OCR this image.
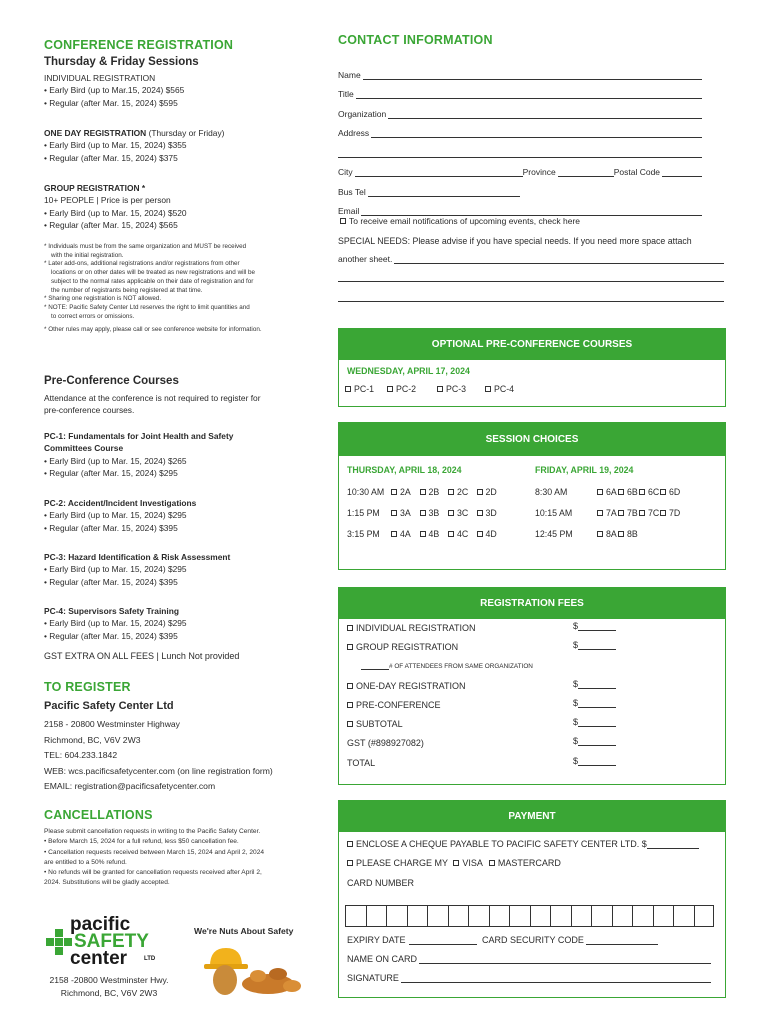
CONFERENCE REGISTRATION
Thursday & Friday Sessions
INDIVIDUAL REGISTRATION
• Early Bird (up to Mar.15, 2024) $565
• Regular (after Mar. 15, 2024) $595
ONE DAY REGISTRATION (Thursday or Friday)
• Early Bird (up to Mar. 15, 2024) $355
• Regular (after Mar. 15, 2024) $375
GROUP REGISTRATION *
10+ PEOPLE | Price is per person
• Early Bird (up to Mar. 15, 2024) $520
• Regular (after Mar. 15, 2024) $565
* Individuals must be from the same organization and MUST be received
with the initial registration.
* Later add-ons, additional registrations and/or registrations from other
locations or on other dates will be treated as new registrations and will be
subject to the normal rates applicable on their date of registration and for
the number of registrants being registered at that time.
* Sharing one registration is NOT allowed.
* NOTE: Pacific Safety Center Ltd reserves the right to limit quantities and
to correct errors or omissions.
* Other rules may apply, please call or see conference website for information.
Pre-Conference Courses
Attendance at the conference is not required to register for
pre-conference courses.
PC-1: Fundamentals for Joint Health and Safety
Committees Course
• Early Bird (up to Mar. 15, 2024) $265
• Regular (after Mar. 15, 2024) $295
PC-2: Accident/Incident Investigations
• Early Bird (up to Mar. 15, 2024) $295
• Regular (after Mar. 15, 2024) $395
PC-3: Hazard Identification & Risk Assessment
• Early Bird (up to Mar. 15, 2024) $295
• Regular (after Mar. 15, 2024) $395
PC-4: Supervisors Safety Training
• Early Bird (up to Mar. 15, 2024) $295
• Regular (after Mar. 15, 2024) $395
GST EXTRA ON ALL FEES | Lunch Not provided
TO REGISTER
Pacific Safety Center Ltd
2158 - 20800 Westminster Highway
Richmond, BC, V6V 2W3
TEL: 604.233.1842
WEB: wcs.pacificsafetycenter.com (on line registration form)
EMAIL: registration@pacificsafetycenter.com
CANCELLATIONS
Please submit cancellation requests in writing to the Pacific Safety Center.
• Before March 15, 2024 for a full refund, less $50 cancellation fee.
• Cancellation requests received between March 15, 2024 and April 2, 2024
are entitled to a 50% refund.
• No refunds will be granted for cancellation requests received after April 2,
2024. Substitutions will be gladly accepted.
pacific
SAFETY
center	LTD
We're Nuts About Safety
2158 -20800 Westminster Hwy.
Richmond, BC, V6V 2W3
CONTACT INFORMATION
Name
Title
Organization
Address
City	Province	Postal Code
Bus Tel
Email
To receive email notifications of upcoming events, check here
SPECIAL NEEDS: Please advise if you have special needs. If you need more space attach
another sheet.
OPTIONAL PRE-CONFERENCE COURSES
WEDNESDAY, APRIL 17, 2024
PC-1	PC-2	PC-3	PC-4
SESSION CHOICES
THURSDAY, APRIL 18, 2024	FRIDAY, APRIL 19, 2024
10:30 AM	2A	2B	2C	2D
1:15 PM	3A	3B	3C	3D
3:15 PM	4A	4B	4C	4D
8:30 AM	6A	6B	6C	6D
10:15 AM	7A	7B	7C	7D
12:45 PM	8A	8B
REGISTRATION FEES
INDIVIDUAL REGISTRATION	$
GROUP REGISTRATION	$
# OF ATTENDEES FROM SAME ORGANIZATION
ONE-DAY REGISTRATION	$
PRE-CONFERENCE	$
SUBTOTAL	$
GST (#898927082)	$
TOTAL	$
PAYMENT
ENCLOSE A CHEQUE PAYABLE TO PACIFIC SAFETY CENTER LTD. $
PLEASE CHARGE MY VISA MASTERCARD
CARD NUMBER
EXPIRY DATE	CARD SECURITY CODE
NAME ON CARD
SIGNATURE
